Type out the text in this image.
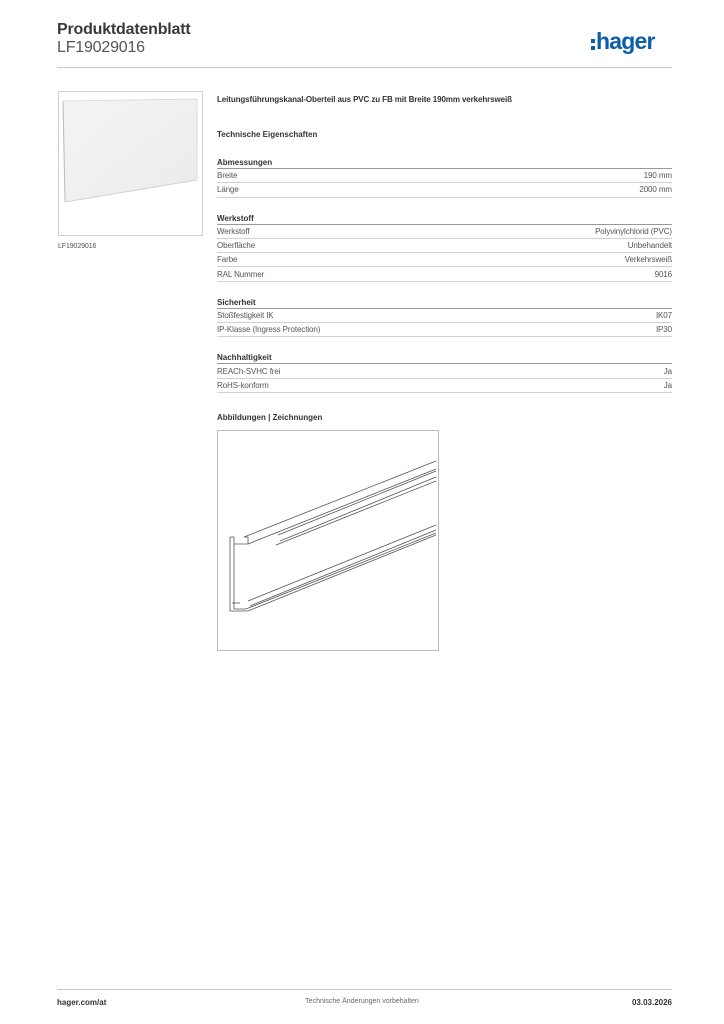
Produktdatenblatt
LF19029016	hager
LF19029016
Leitungsführungskanal-Oberteil aus PVC zu FB mit Breite 190mm verkehrsweiß
Technische Eigenschaften
Abmessungen
Breite	190 mm
Länge	2000 mm
Werkstoff
Werkstoff	Polyvinylchlorid (PVC)
Oberfläche	Unbehandelt
Farbe	Verkehrsweiß
RAL Nummer	9016
Sicherheit
Stoßfestigkeit IK	IK07
IP-Klasse (Ingress Protection)	IP30
Nachhaltigkeit
REACh-SVHC frei	Ja
RoHS-konform	Ja
Abbildungen | Zeichnungen
hager.com/at	Technische Änderungen vorbehalten	03.03.2026
